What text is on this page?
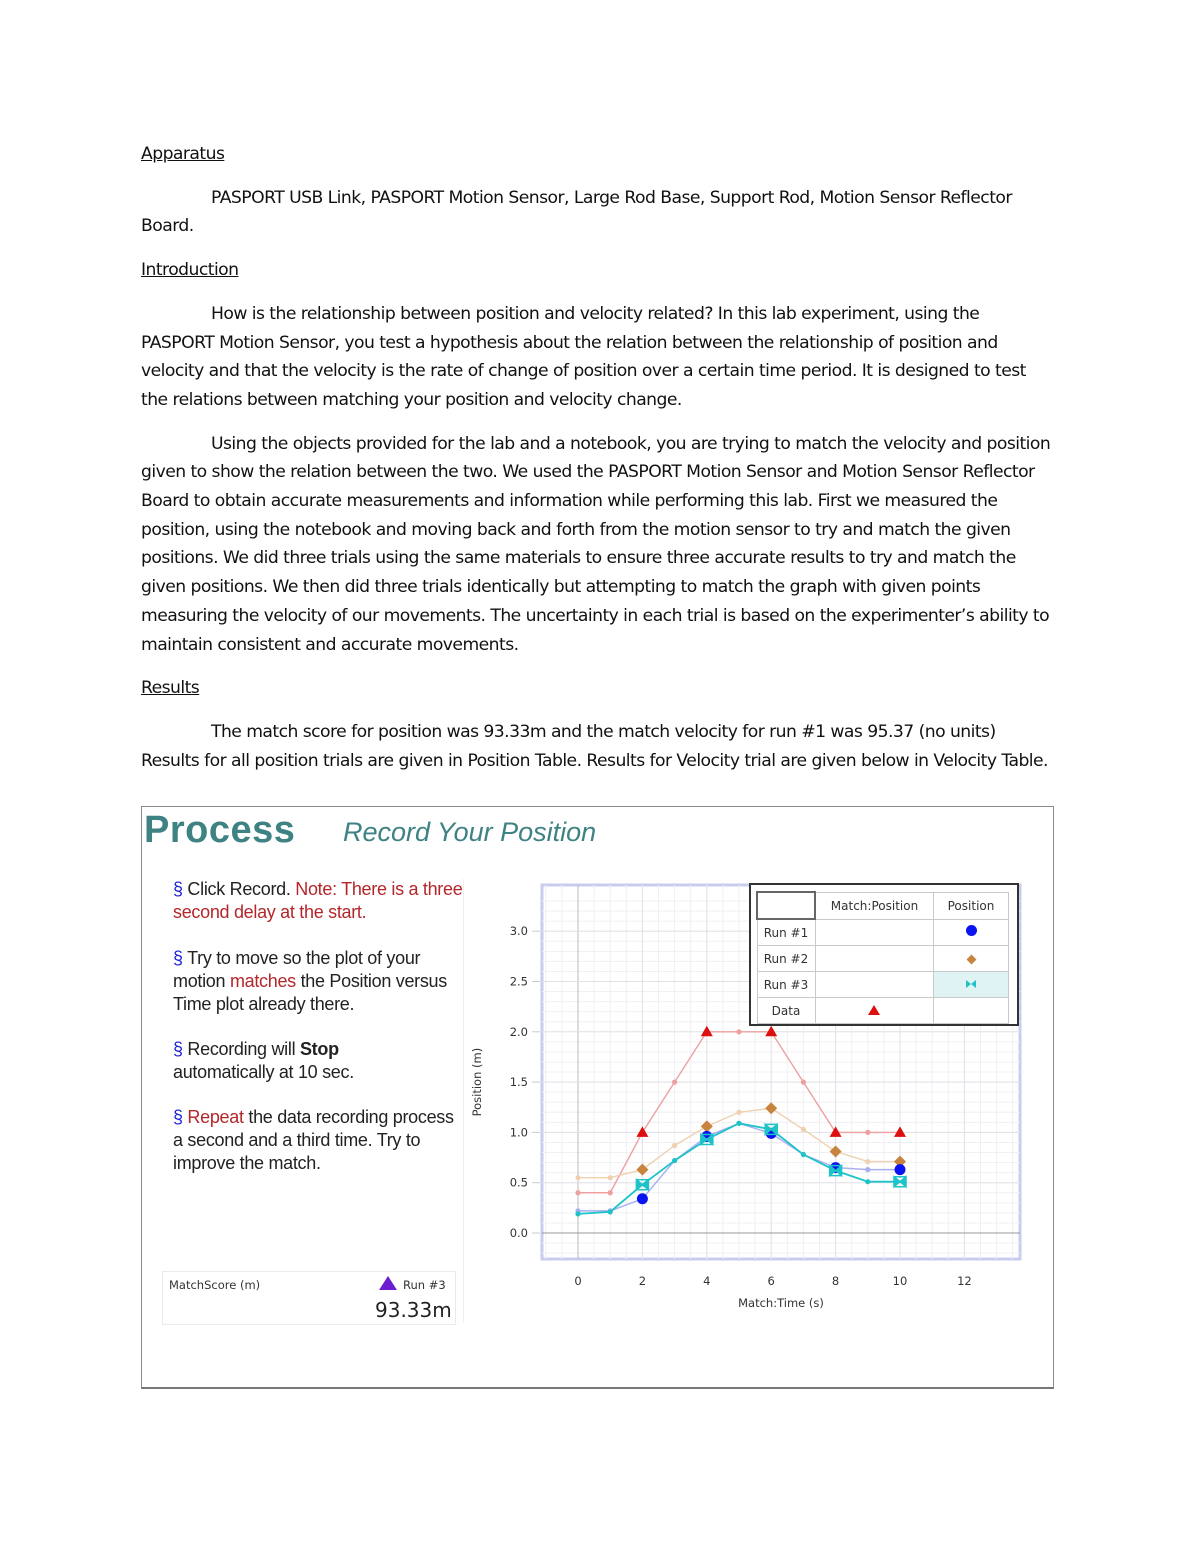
Apparatus
PASPORT USB Link, PASPORT Motion Sensor, Large Rod Base, Support Rod, Motion Sensor Reflector Board.
Introduction
How is the relationship between position and velocity related? In this lab experiment, using the PASPORT Motion Sensor, you test a hypothesis about the relation between the relationship of position and velocity and that the velocity is the rate of change of position over a certain time period. It is designed to test the relations between matching your position and velocity change.
Using the objects provided for the lab and a notebook, you are trying to match the velocity and position given to show the relation between the two. We used the PASPORT Motion Sensor and Motion Sensor Reflector Board to obtain accurate measurements and information while performing this lab. First we measured the position, using the notebook and moving back and forth from the motion sensor to try and match the given positions. We did three trials using the same materials to ensure three accurate results to try and match the given positions. We then did three trials identically but attempting to match the graph with given points measuring the velocity of our movements. The uncertainty in each trial is based on the experimenter’s ability to maintain consistent and accurate movements.
Results
The match score for position was 93.33m and the match velocity for run #1 was 95.37 (no units) Results for all position trials are given in Position Table. Results for Velocity trial are given below in Velocity Table.
Process Record Your Position
§ Click Record. Note: There is a three second delay at the start.
§ Try to move so the plot of your motion matches the Position versus Time plot already there.
§ Recording will Stop
automatically at 10 sec.
§ Repeat the data recording process a second and a third time. Try to improve the match.
MatchScore (m)	Run #3
93.33m
0.0
0.5
1.0
1.5
2.0
2.5
3.0
0	2	4	6	8	10	12
Match:Time (s)
Position (m)
	Match:Position	Position
Run #1		
Run #2		
Run #3		
Data		
